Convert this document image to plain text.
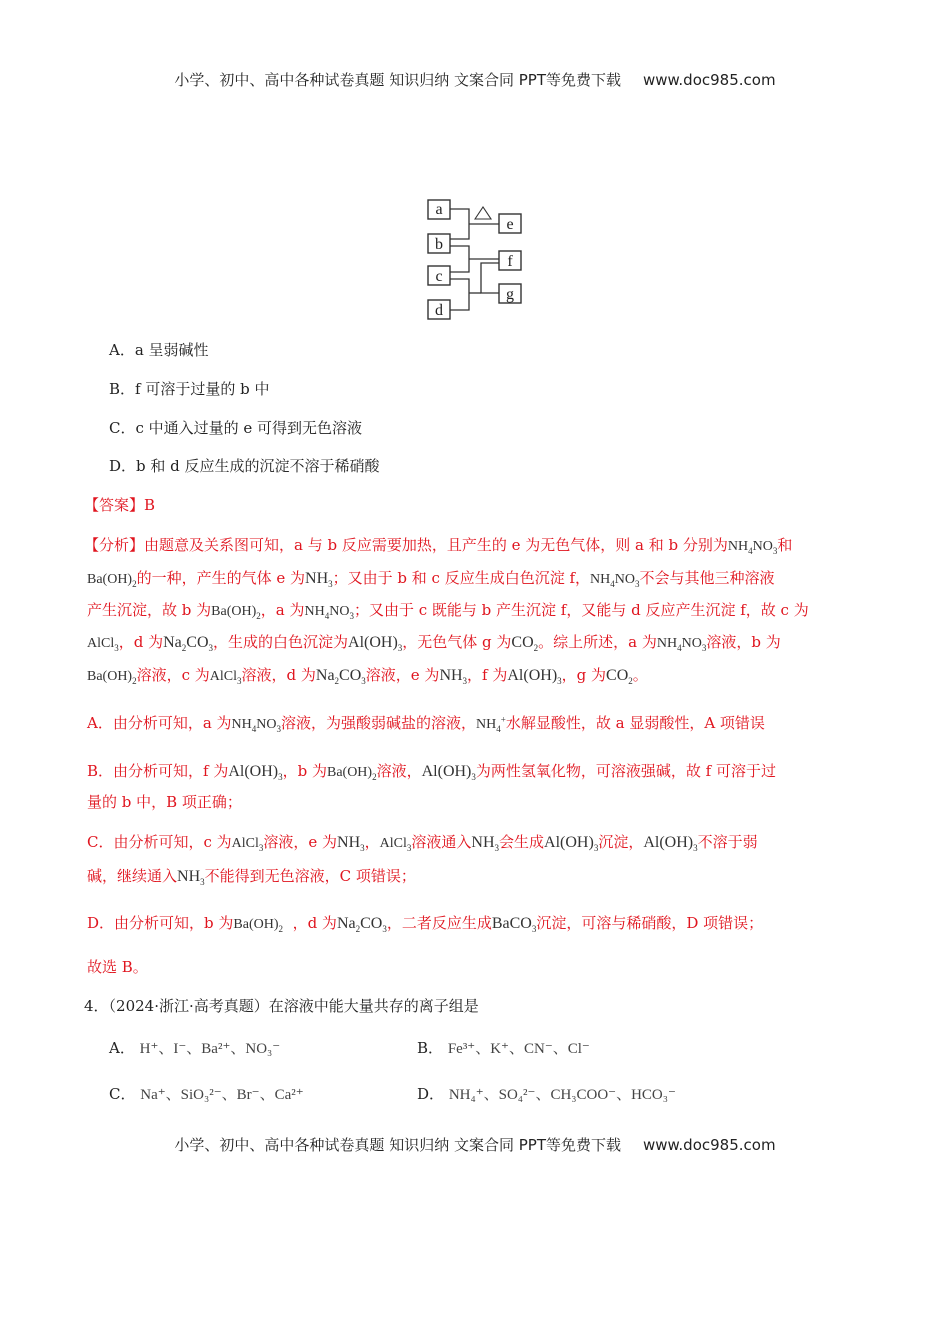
小学、初中、高中各种试卷真题 知识归纳 文案合同 PPT等免费下载 www.doc985.com
a
b
c
d
e
f
g
A．a 呈弱碱性
B．f 可溶于过量的 b 中
C．c 中通入过量的 e 可得到无色溶液
D．b 和 d 反应生成的沉淀不溶于稀硝酸
【答案】B
【分析】由题意及关系图可知，a 与 b 反应需要加热，且产生的 e 为无色气体，则 a 和 b 分别为$NH_4NO_3$和
$Ba(OH)_2$的一种，产生的气体 e 为$NH_3$；又由于 b 和 c 反应生成白色沉淀 f，$NH_4NO_3$不会与其他三种溶液
产生沉淀，故 b 为$Ba(OH)_2$，a 为$NH_4NO_3$；又由于 c 既能与 b 产生沉淀 f，又能与 d 反应产生沉淀 f，故 c 为
AlCl$_3$，d 为$Na_2CO_3$，生成的白色沉淀为$Al(OH)_3$，无色气体 g 为$CO_2$。综上所述，a 为$NH_4NO_3$溶液，b 为
$Ba(OH)_2$溶液，c 为AlCl$_3$溶液，d 为$Na_2CO_3$溶液，e 为$NH_3$，f 为$Al(OH)_3$，g 为$CO_2$。
A．由分析可知，a 为$NH_4NO_3$溶液，为强酸弱碱盐的溶液，$NH_4^+$水解显酸性，故 a 显弱酸性，A 项错误
B．由分析可知，f 为$Al(OH)_3$，b 为$Ba(OH)_2$溶液，$Al(OH)_3$为两性氢氧化物，可溶液强碱，故 f 可溶于过
量的 b 中，B 项正确；
C．由分析可知，c 为AlCl$_3$溶液，e 为$NH_3$，AlCl$_3$溶液通入$NH_3$会生成$Al(OH)_3$沉淀，$Al(OH)_3$不溶于弱
碱，继续通入$NH_3$不能得到无色溶液，C 项错误；
D．由分析可知，b 为$Ba(OH)_2$ ，d 为$Na_2CO_3$，二者反应生成BaCO$_3$沉淀，可溶与稀硝酸，D 项错误；
故选 B。
4．（2024·浙江·高考真题）在溶液中能大量共存的离子组是
A． H⁺、I⁻、Ba²⁺、NO₃⁻	B． Fe³⁺、K⁺、CN⁻、Cl⁻
C． Na⁺、SiO₃²⁻、Br⁻、Ca²⁺	D． NH₄⁺、SO₄²⁻、CH₃COO⁻、HCO₃⁻
小学、初中、高中各种试卷真题 知识归纳 文案合同 PPT等免费下载 www.doc985.com
